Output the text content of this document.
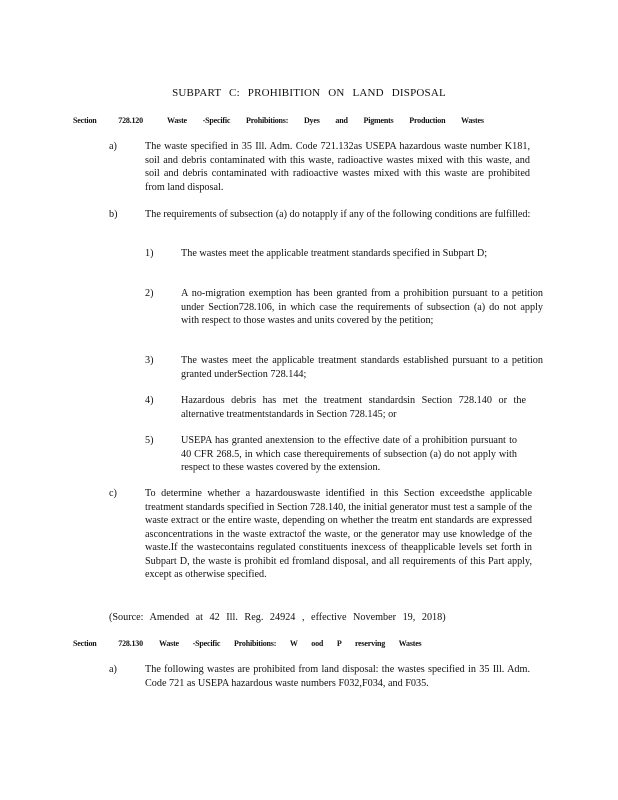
SUBPART C: PROHIBITION ON LAND DISPOSAL
Section 728.120	Waste -Specific Prohibitions: Dyes and Pigments Production Wastes
a)	The waste specified in 35 Ill. Adm. Code 721.132as USEPA hazardous waste number K181, soil and debris contaminated with this waste, radioactive wastes mixed with this waste, and soil and debris contaminated with radioactive wastes mixed with this waste are prohibited from land disposal.
b)	The requirements of subsection (a) do notapply if any of the following conditions are fulfilled:
1)	The wastes meet the applicable treatment standards specified in Subpart D;
2)	A no-migration exemption has been granted from a prohibition pursuant to a petition under Section728.106, in which case the requirements of subsection (a) do not apply with respect to those wastes and units covered by the petition;
3)	The wastes meet the applicable treatment standards established pursuant to a petition granted underSection 728.144;
4)	Hazardous debris has met the treatment standardsin Section 728.140 or the alternative treatmentstandards in Section 728.145; or
5)	USEPA has granted anextension to the effective date of a prohibition pursuant to 40 CFR 268.5, in which case therequirements of subsection (a) do not apply with respect to these wastes covered by the extension.
c)	To determine whether a hazardouswaste identified in this Section exceedsthe applicable treatment standards specified in Section 728.140, the initial generator must test a sample of the waste extract or the entire waste, depending on whether the treatm ent standards are expressed asconcentrations in the waste extractof the waste, or the generator may use knowledge of the waste.If the wastecontains regulated constituents inexcess of theapplicable levels set forth in Subpart D, the waste is prohibit ed fromland disposal, and all requirements of this Part apply, except as otherwise specified.
(Source: Amended at 42 Ill. Reg. 24924 , effective November 19, 2018)
Section 728.130	Waste -Specific Prohibitions: W ood P reserving Wastes
a)	The following wastes are prohibited from land disposal: the wastes specified in 35 Ill. Adm. Code 721 as USEPA hazardous waste numbers F032,F034, and F035.
